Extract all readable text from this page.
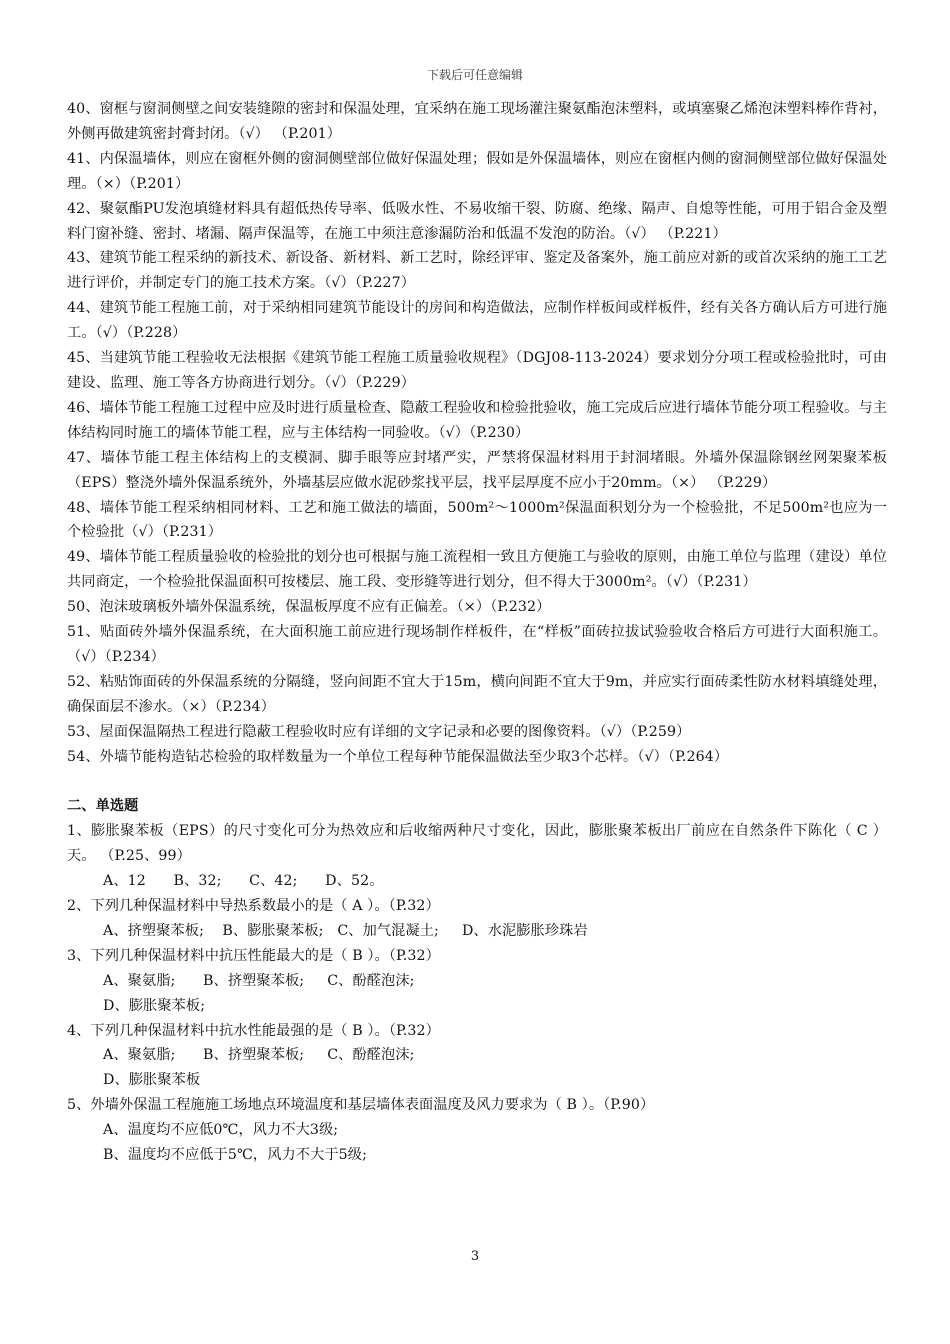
下载后可任意编辑

40、窗框与窗洞侧壁之间安装缝隙的密封和保温处理，宜采纳在施工现场灌注聚氨酯泡沫塑料，或填塞聚乙烯泡沫塑料棒作背衬，外侧再做建筑密封膏封闭。（√） （P.201）

41、内保温墙体，则应在窗框外侧的窗洞侧壁部位做好保温处理；假如是外保温墙体，则应在窗框内侧的窗洞侧壁部位做好保温处理。（×）（P.201）

42、聚氨酯PU发泡填缝材料具有超低热传导率、低吸水性、不易收缩干裂、防腐、绝缘、隔声、自熄等性能，可用于铝合金及塑料门窗补缝、密封、堵漏、隔声保温等，在施工中须注意渗漏防治和低温不发泡的防治。（√） （P.221）

43、建筑节能工程采纳的新技术、新设备、新材料、新工艺时，除经评审、鉴定及备案外，施工前应对新的或首次采纳的施工工艺进行评价，并制定专门的施工技术方案。（√）（P.227）

44、建筑节能工程施工前，对于采纳相同建筑节能设计的房间和构造做法，应制作样板间或样板件，经有关各方确认后方可进行施工。（√）（P.228）

45、当建筑节能工程验收无法根据《建筑节能工程施工质量验收规程》（DGJ08-113-2024）要求划分分项工程或检验批时，可由建设、监理、施工等各方协商进行划分。（√）（P.229）

46、墙体节能工程施工过程中应及时进行质量检查、隐蔽工程验收和检验批验收，施工完成后应进行墙体节能分项工程验收。与主体结构同时施工的墙体节能工程，应与主体结构一同验收。（√）（P.230）

47、墙体节能工程主体结构上的支模洞、脚手眼等应封堵严实，严禁将保温材料用于封洞堵眼。外墙外保温除钢丝网架聚苯板（EPS）整浇外墙外保温系统外，外墙基层应做水泥砂浆找平层，找平层厚度不应小于20mm。（×） （P.229）

48、墙体节能工程采纳相同材料、工艺和施工做法的墙面，500m²～1000m²保温面积划分为一个检验批，不足500m²也应为一个检验批（√）（P.231）

49、墙体节能工程质量验收的检验批的划分也可根据与施工流程相一致且方便施工与验收的原则，由施工单位与监理（建设）单位共同商定，一个检验批保温面积可按楼层、施工段、变形缝等进行划分，但不得大于3000m²。（√）（P.231）

50、泡沫玻璃板外墙外保温系统，保温板厚度不应有正偏差。（×）（P.232）

51、贴面砖外墙外保温系统，在大面积施工前应进行现场制作样板件，在“样板”面砖拉拔试验验收合格后方可进行大面积施工。（√）（P.234）

52、粘贴饰面砖的外保温系统的分隔缝，竖向间距不宜大于15m，横向间距不宜大于9m，并应实行面砖柔性防水材料填缝处理，确保面层不渗水。（×）（P.234）

53、屋面保温隔热工程进行隐蔽工程验收时应有详细的文字记录和必要的图像资料。（√）（P.259）

54、外墙节能构造钻芯检验的取样数量为一个单位工程每种节能保温做法至少取3个芯样。（√）（P.264）

二、单选题

1、膨胀聚苯板（EPS）的尺寸变化可分为热效应和后收缩两种尺寸变化，因此，膨胀聚苯板出厂前应在自然条件下陈化（ C ）天。 （P.25、99）

A、12      B、32;      C、42;      D、52。

2、下列几种保温材料中导热系数最小的是（ A ）。（P.32）

A、挤塑聚苯板;    B、膨胀聚苯板;   C、加气混凝土;     D、水泥膨胀珍珠岩

3、下列几种保温材料中抗压性能最大的是（ B ）。（P.32）

A、聚氨脂;      B、挤塑聚苯板;     C、酚醛泡沫;

D、膨胀聚苯板;

4、下列几种保温材料中抗水性能最强的是（ B ）。（P.32）

A、聚氨脂;      B、挤塑聚苯板;     C、酚醛泡沫;

D、膨胀聚苯板

5、外墙外保温工程施施工场地点环境温度和基层墙体表面温度及风力要求为（ B ）。（P.90）

A、温度均不应低0℃，风力不大3级;

B、温度均不应低于5℃，风力不大于5级;

3
